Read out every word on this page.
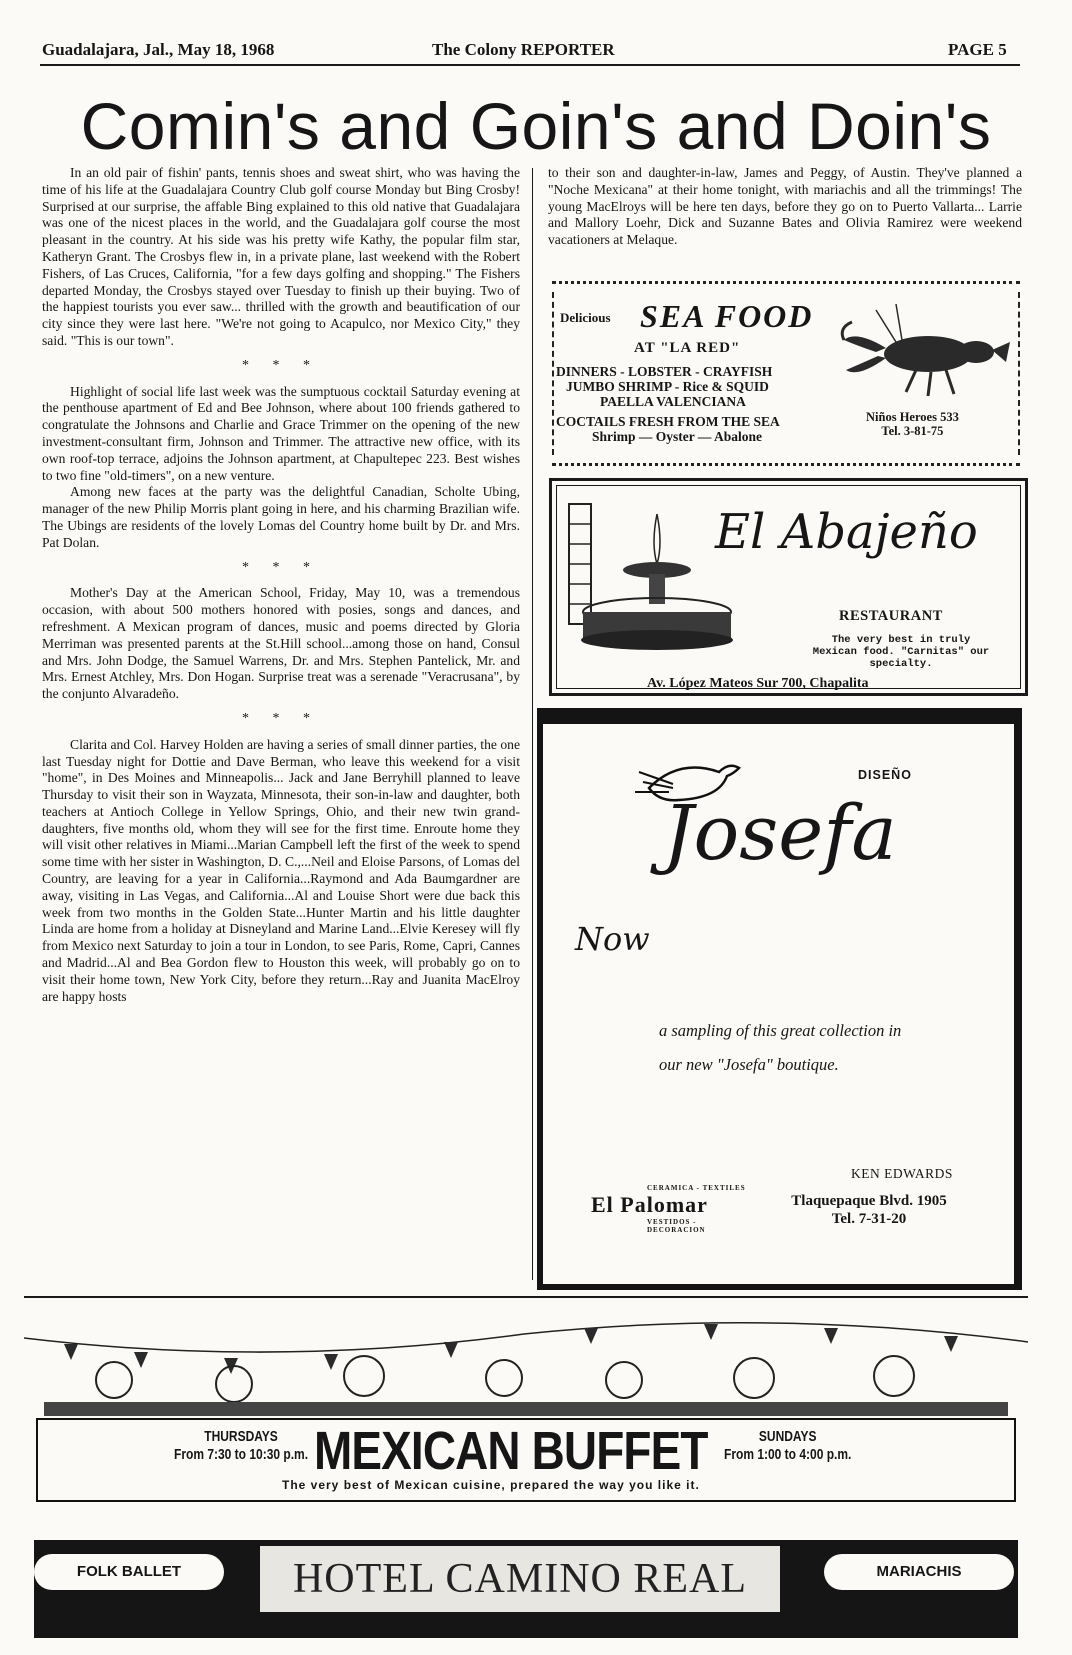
Guadalajara, Jal., May 18, 1968	The Colony REPORTER	PAGE 5
Comin's and Goin's and Doin's

In an old pair of fishin' pants, tennis shoes and sweat shirt, who was having the time of his life at the Guadalajara Country Club golf course Monday but Bing Crosby! Surprised at our surprise, the affable Bing explained to this old native that Guadalajara was one of the nicest places in the world, and the Guadalajara golf course the most pleasant in the country. At his side was his pretty wife Kathy, the popular film star, Katheryn Grant. The Crosbys flew in, in a private plane, last weekend with the Robert Fishers, of Las Cruces, California, "for a few days golfing and shopping." The Fishers departed Monday, the Crosbys stayed over Tuesday to finish up their buying. Two of the happiest tourists you ever saw... thrilled with the growth and beautification of our city since they were last here. "We're not going to Acapulco, nor Mexico City," they said. "This is our town".

* * *

Highlight of social life last week was the sumptuous cocktail Saturday evening at the penthouse apartment of Ed and Bee Johnson, where about 100 friends gathered to congratulate the Johnsons and Charlie and Grace Trimmer on the opening of the new investment-consultant firm, Johnson and Trimmer. The attractive new office, with its own roof-top terrace, adjoins the Johnson apartment, at Chapultepec 223. Best wishes to two fine "old-timers", on a new venture.

Among new faces at the party was the delightful Canadian, Scholte Ubing, manager of the new Philip Morris plant going in here, and his charming Brazilian wife. The Ubings are residents of the lovely Lomas del Country home built by Dr. and Mrs. Pat Dolan.

* * *

Mother's Day at the American School, Friday, May 10, was a tremendous occasion, with about 500 mothers honored with posies, songs and dances, and refreshment. A Mexican program of dances, music and poems directed by Gloria Merriman was presented parents at the St.Hill school...among those on hand, Consul and Mrs. John Dodge, the Samuel Warrens, Dr. and Mrs. Stephen Pantelick, Mr. and Mrs. Ernest Atchley, Mrs. Don Hogan. Surprise treat was a serenade "Veracrusana", by the conjunto Alvaradeño.

* * *

Clarita and Col. Harvey Holden are having a series of small dinner parties, the one last Tuesday night for Dottie and Dave Berman, who leave this weekend for a visit "home", in Des Moines and Minneapolis... Jack and Jane Berryhill planned to leave Thursday to visit their son in Wayzata, Minnesota, their son-in-law and daughter, both teachers at Antioch College in Yellow Springs, Ohio, and their new twin grand-daughters, five months old, whom they will see for the first time. Enroute home they will visit other relatives in Miami...Marian Campbell left the first of the week to spend some time with her sister in Washington, D. C.,...Neil and Eloise Parsons, of Lomas del Country, are leaving for a year in California...Raymond and Ada Baumgardner are away, visiting in Las Vegas, and California...Al and Louise Short were due back this week from two months in the Golden State...Hunter Martin and his little daughter Linda are home from a holiday at Disneyland and Marine Land...Elvie Keresey will fly from Mexico next Saturday to join a tour in London, to see Paris, Rome, Capri, Cannes and Madrid...Al and Bea Gordon flew to Houston this week, will probably go on to visit their home town, New York City, before they return...Ray and Juanita MacElroy are happy hosts

to their son and daughter-in-law, James and Peggy, of Austin. They've planned a "Noche Mexicana" at their home tonight, with mariachis and all the trimmings! The young MacElroys will be here ten days, before they go on to Puerto Vallarta... Larrie and Mallory Loehr, Dick and Suzanne Bates and Olivia Ramirez were weekend vacationers at Melaque.

Delicious SEA FOOD
AT "LA RED"
DINNERS - LOBSTER - CRAYFISH
JUMBO SHRIMP - Rice & SQUID
PAELLA VALENCIANA
COCTAILS FRESH FROM THE SEA
Shrimp — Oyster — Abalone
Niños Heroes 533
Tel. 3-81-75
El Abajeño
RESTAURANT
The very best in truly Mexican food. "Carnitas" our specialty.
Av. López Mateos Sur 700, Chapalita
DISEÑO
Josefa
Now
a sampling of this great collection in
our new "Josefa" boutique.
CERAMICA - TEXTILES
El Palomar
VESTIDOS - DECORACION
KEN EDWARDS
Tlaquepaque Blvd. 1905
Tel. 7-31-20
THURSDAYS
From 7:30 to 10:30 p.m. MEXICAN BUFFET	SUNDAYS
From 1:00 to 4:00 p.m.
The very best of Mexican cuisine, prepared the way you like it.
FOLK BALLET	HOTEL CAMINO REAL	MARIACHIS
